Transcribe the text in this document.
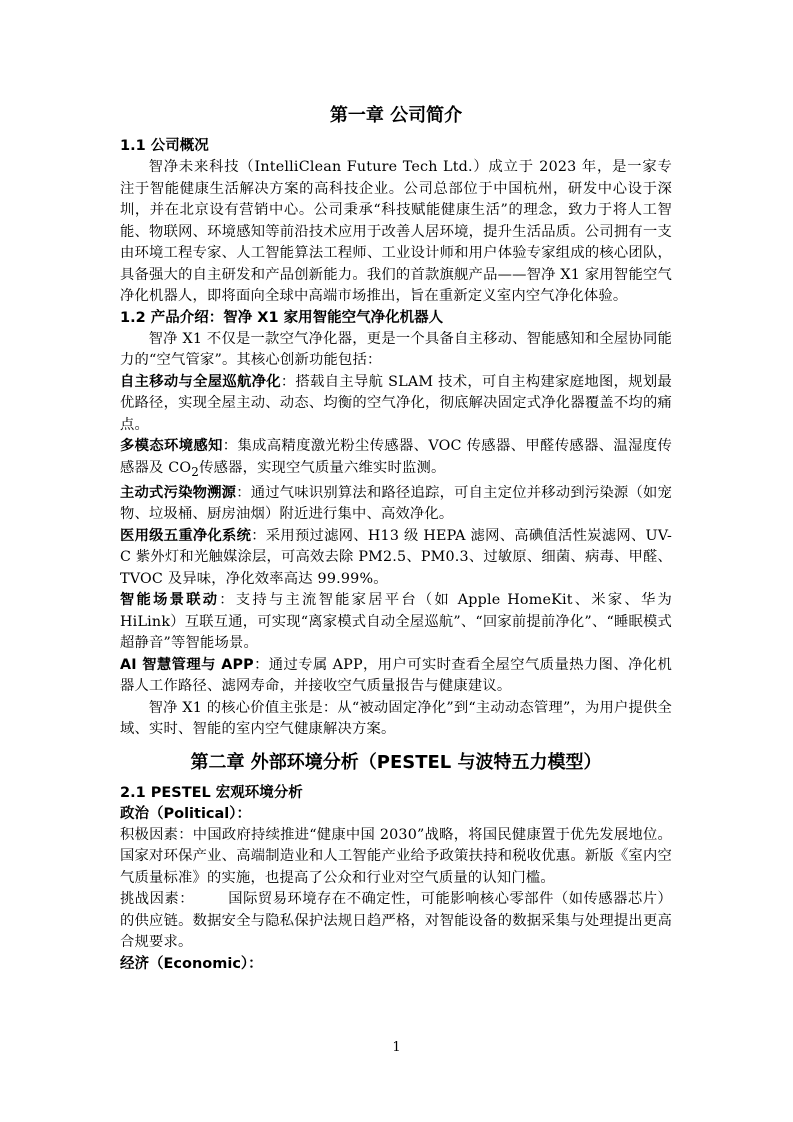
第一章 公司简介
1.1 公司概况

智净未来科技（IntelliClean Future Tech Ltd.）成立于 2023 年，是一家专注于智能健康生活解决方案的高科技企业。公司总部位于中国杭州，研发中心设于深圳，并在北京设有营销中心。公司秉承“科技赋能健康生活”的理念，致力于将人工智能、物联网、环境感知等前沿技术应用于改善人居环境，提升生活品质。公司拥有一支由环境工程专家、人工智能算法工程师、工业设计师和用户体验专家组成的核心团队，具备强大的自主研发和产品创新能力。我们的首款旗舰产品——智净 X1 家用智能空气净化机器人，即将面向全球中高端市场推出，旨在重新定义室内空气净化体验。

1.2 产品介绍：智净 X1 家用智能空气净化机器人

智净 X1 不仅是一款空气净化器，更是一个具备自主移动、智能感知和全屋协同能力的“空气管家”。其核心创新功能包括：

自主移动与全屋巡航净化：搭载自主导航 SLAM 技术，可自主构建家庭地图，规划最优路径，实现全屋主动、动态、均衡的空气净化，彻底解决固定式净化器覆盖不均的痛点。

多模态环境感知：集成高精度激光粉尘传感器、VOC 传感器、甲醛传感器、温湿度传感器及 $CO_2$传感器，实现空气质量六维实时监测。

主动式污染物溯源：通过气味识别算法和路径追踪，可自主定位并移动到污染源（如宠物、垃圾桶、厨房油烟）附近进行集中、高效净化。

医用级五重净化系统：采用预过滤网、H13 级 HEPA 滤网、高碘值活性炭滤网、UV-C 紫外灯和光触媒涂层，可高效去除 PM2.5、PM0.3、过敏原、细菌、病毒、甲醛、TVOC 及异味，净化效率高达 99.99%。

智能场景联动：支持与主流智能家居平台（如 Apple HomeKit、米家、华为 HiLink）互联互通，可实现“离家模式自动全屋巡航”、“回家前提前净化”、“睡眠模式超静音”等智能场景。

AI 智慧管理与 APP：通过专属 APP，用户可实时查看全屋空气质量热力图、净化机器人工作路径、滤网寿命，并接收空气质量报告与健康建议。

智净 X1 的核心价值主张是：从“被动固定净化”到“主动动态管理”，为用户提供全域、实时、智能的室内空气健康解决方案。

第二章 外部环境分析（PESTEL 与波特五力模型）
2.1 PESTEL 宏观环境分析
政治（Political）：

积极因素：中国政府持续推进“健康中国 2030”战略，将国民健康置于优先发展地位。国家对环保产业、高端制造业和人工智能产业给予政策扶持和税收优惠。新版《室内空气质量标准》的实施，也提高了公众和行业对空气质量的认知门槛。

挑战因素： 国际贸易环境存在不确定性，可能影响核心零部件（如传感器芯片）的供应链。数据安全与隐私保护法规日趋严格，对智能设备的数据采集与处理提出更高合规要求。

经济（Economic）：
1
